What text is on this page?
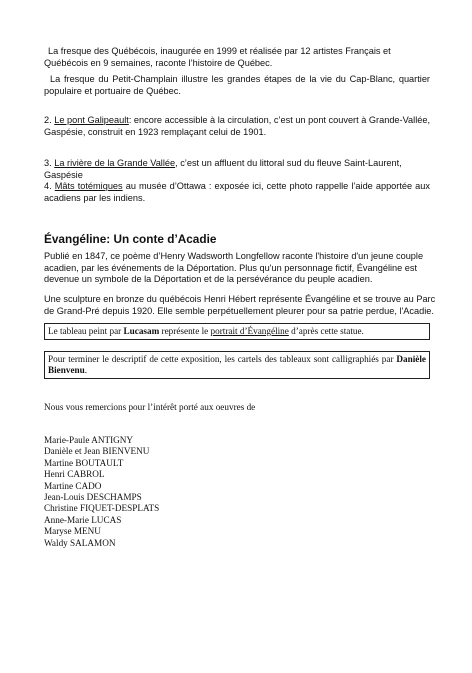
La fresque des Québécois, inaugurée en 1999 et réalisée par 12 artistes Français et Québécois en 9 semaines, raconte l’histoire de Québec.
La fresque du Petit-Champlain illustre les grandes étapes de la vie du Cap-Blanc, quartier populaire et portuaire de Québec.
2. Le pont Galipeault: encore accessible à la circulation, c’est un pont couvert à Grande-Vallée, Gaspésie, construit en 1923 remplaçant celui de 1901.
3. La rivière de la Grande Vallée, c’est un affluent du littoral sud du fleuve Saint-Laurent, Gaspésie
4. Mâts totémiques au musée d’Ottawa : exposée ici, cette photo rappelle l’aide apportée aux acadiens par les indiens.
Évangéline: Un conte d’Acadie
Publié en 1847, ce poème d’Henry Wadsworth Longfellow raconte l'histoire d'un jeune couple acadien, par les événements de la Déportation. Plus qu'un personnage fictif, Évangéline est devenue un symbole de la Déportation et de la persévérance du peuple acadien.
Une sculpture en bronze du québécois Henri Hébert représente Évangéline et se trouve au Parc de Grand-Pré depuis 1920. Elle semble perpétuellement pleurer pour sa patrie perdue, l'Acadie.
Le tableau peint par Lucasam représente le portrait d’Évangéline d’après cette statue.
Pour terminer le descriptif de cette exposition, les cartels des tableaux sont calligraphiés par Danièle Bienvenu.
Nous vous remercions pour l’intérêt porté aux oeuvres de
Marie-Paule ANTIGNY
Danièle et Jean BIENVENU
Martine BOUTAULT
Henri CABROL
Martine CADO
Jean-Louis DESCHAMPS
Christine FIQUET-DESPLATS
Anne-Marie LUCAS
Maryse MENU
Waldy SALAMON
